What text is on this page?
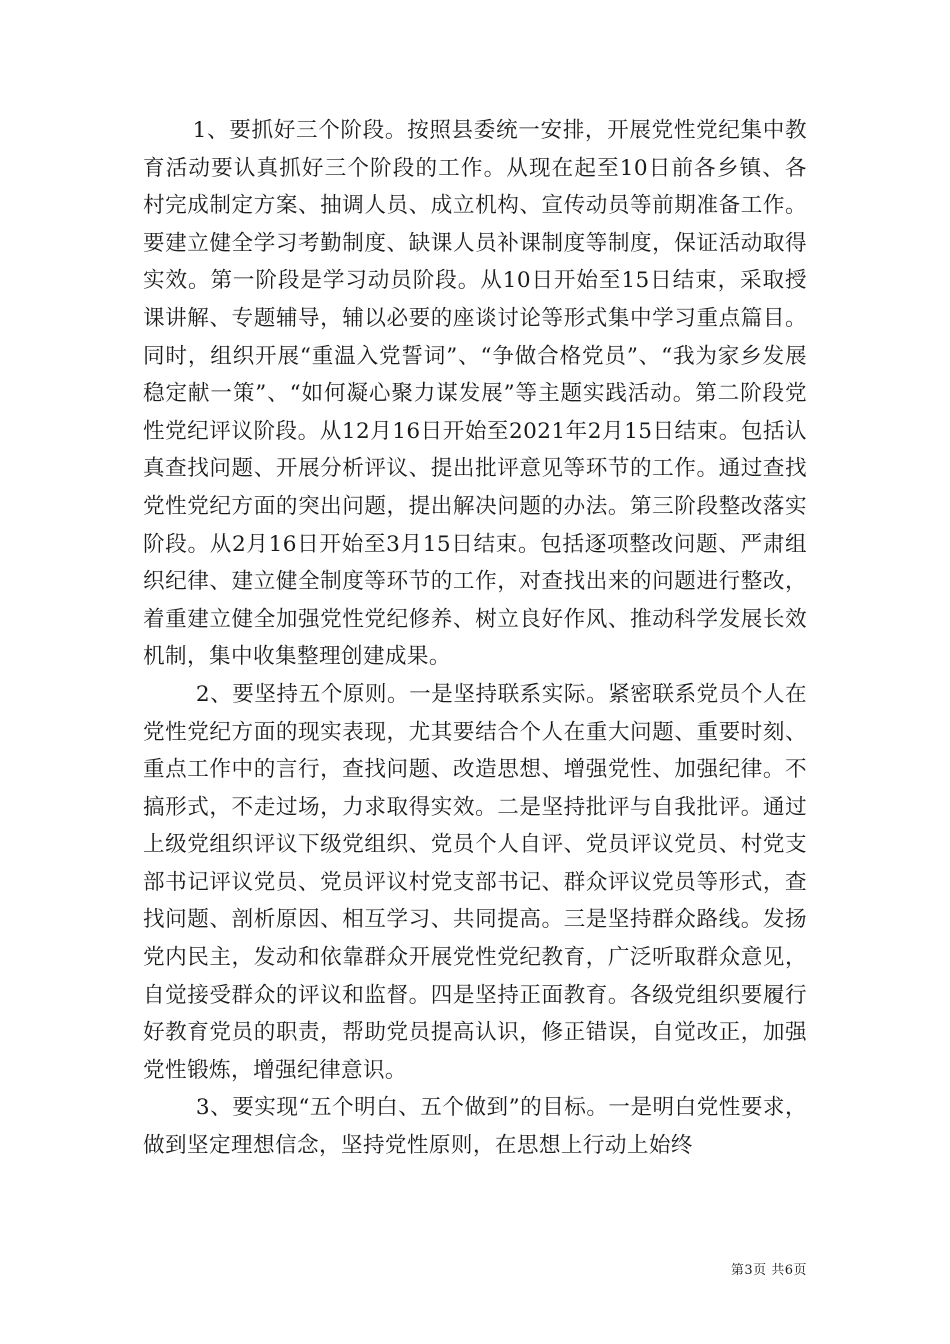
1、要抓好三个阶段。按照县委统一安排，开展党性党纪集中教育活动要认真抓好三个阶段的工作。从现在起至10日前各乡镇、各村完成制定方案、抽调人员、成立机构、宣传动员等前期准备工作。要建立健全学习考勤制度、缺课人员补课制度等制度，保证活动取得实效。第一阶段是学习动员阶段。从10日开始至15日结束，采取授课讲解、专题辅导，辅以必要的座谈讨论等形式集中学习重点篇目。同时，组织开展“重温入党誓词”、“争做合格党员”、“我为家乡发展稳定献一策”、“如何凝心聚力谋发展”等主题实践活动。第二阶段党性党纪评议阶段。从12月16日开始至2021年2月15日结束。包括认真查找问题、开展分析评议、提出批评意见等环节的工作。通过查找党性党纪方面的突出问题，提出解决问题的办法。第三阶段整改落实阶段。从2月16日开始至3月15日结束。包括逐项整改问题、严肃组织纪律、建立健全制度等环节的工作，对查找出来的问题进行整改，着重建立健全加强党性党纪修养、树立良好作风、推动科学发展长效机制，集中收集整理创建成果。

2、要坚持五个原则。一是坚持联系实际。紧密联系党员个人在党性党纪方面的现实表现，尤其要结合个人在重大问题、重要时刻、重点工作中的言行，查找问题、改造思想、增强党性、加强纪律。不搞形式，不走过场，力求取得实效。二是坚持批评与自我批评。通过上级党组织评议下级党组织、党员个人自评、党员评议党员、村党支部书记评议党员、党员评议村党支部书记、群众评议党员等形式，查找问题、剖析原因、相互学习、共同提高。三是坚持群众路线。发扬党内民主，发动和依靠群众开展党性党纪教育，广泛听取群众意见，自觉接受群众的评议和监督。四是坚持正面教育。各级党组织要履行好教育党员的职责，帮助党员提高认识，修正错误，自觉改正，加强党性锻炼，增强纪律意识。

3、要实现“五个明白、五个做到”的目标。一是明白党性要求，做到坚定理想信念，坚持党性原则，在思想上行动上始终

第3页 共6页
